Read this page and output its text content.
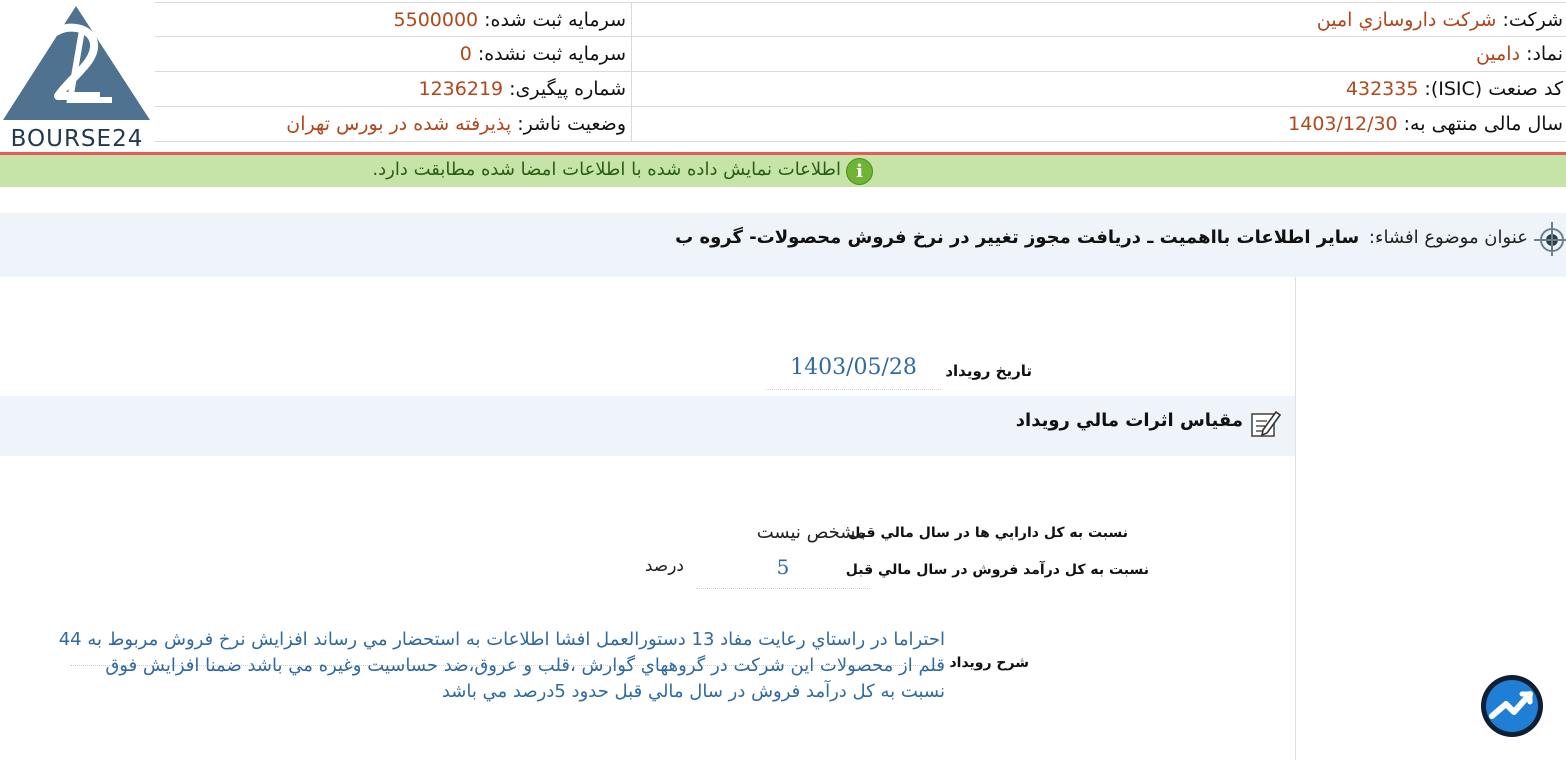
BOURSE24
شرکت:شركت داروسازي امين
سرمايه ثبت شده:5500000
نماد:دامین
سرمايه ثبت نشده:0
کد صنعت (ISIC):432335
شماره پیگیری:1236219
سال مالی منتهی به:1403/12/30
وضعیت ناشر:پذیرفته شده در بورس تهران
اطلاعات نمايش داده شده با اطلاعات امضا شده مطابقت دارد. i
عنوان موضوع افشاء: سایر اطلاعات بااهمیت ـ دریافت مجوز تغییر در نرخ فروش محصولات- گروه ب
تاريخ رويداد
1403/05/28
مقياس اثرات مالي رويداد
نسبت به کل دارايي ها در سال مالي قبل
مشخص نيست
نسبت به کل درآمد فروش در سال مالي قبل
5
درصد
شرح رويداد
احتراما در راستاي رعايت مفاد 13 دستورالعمل افشا اطلاعات به استحضار مي رساند افزايش نرخ فروش مربوط به 44
قلم از محصولات اين شركت در گروههاي گوارش ،قلب و عروق،ضد حساسيت وغيره مي باشد ضمنا افزايش فوق
نسبت به كل درآمد فروش در سال مالي قبل حدود 5درصد مي باشد
